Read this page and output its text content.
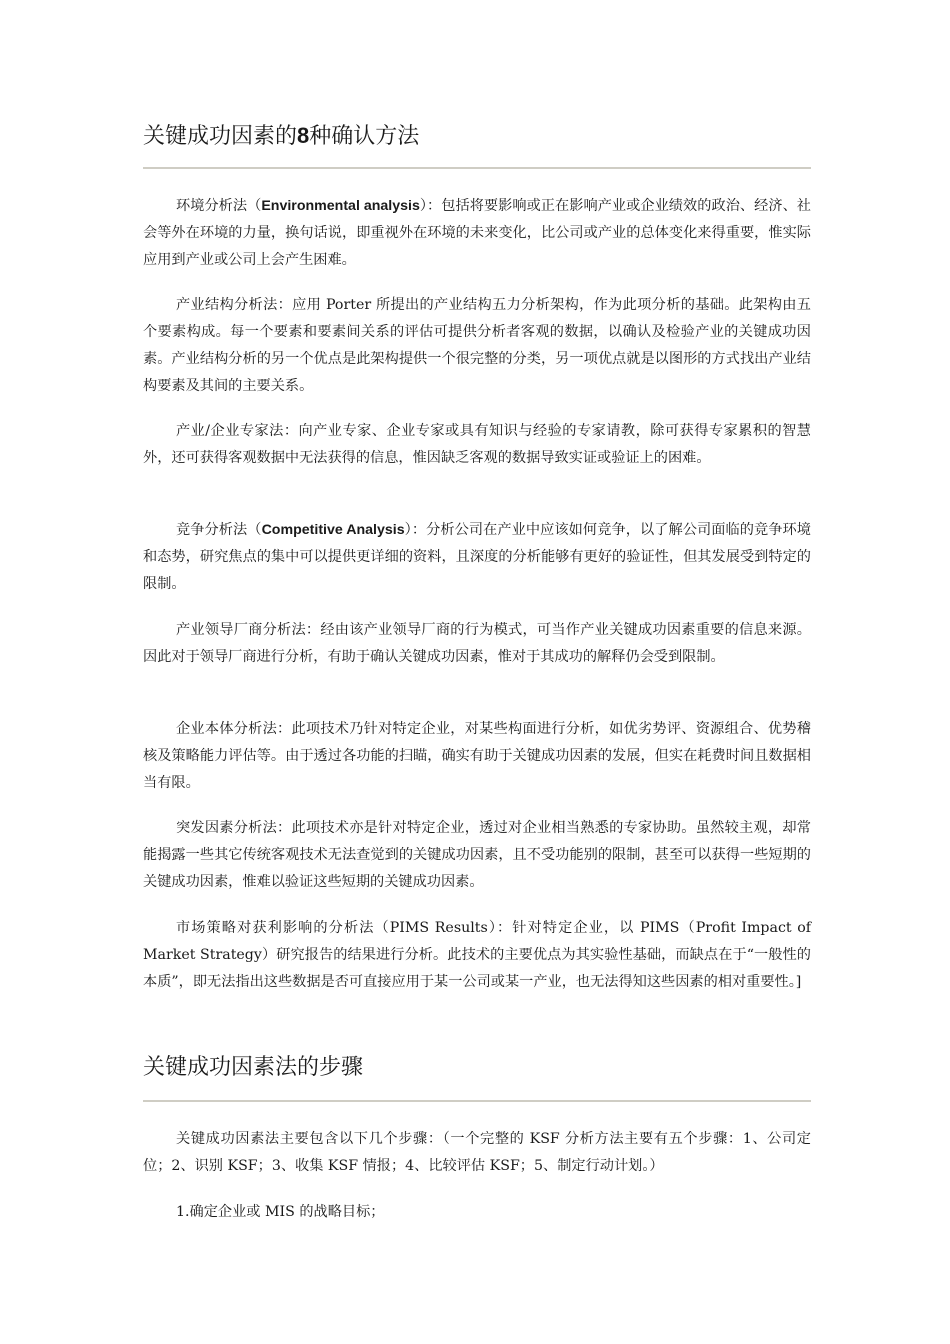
关键成功因素的8种确认方法

环境分析法（Environmental analysis）：包括将要影响或正在影响产业或企业绩效的政治、经济、社会等外在环境的力量，换句话说，即重视外在环境的未来变化，比公司或产业的总体变化来得重要，惟实际应用到产业或公司上会产生困难。

产业结构分析法：应用 Porter 所提出的产业结构五力分析架构，作为此项分析的基础。此架构由五个要素构成。每一个要素和要素间关系的评估可提供分析者客观的数据，以确认及检验产业的关键成功因素。产业结构分析的另一个优点是此架构提供一个很完整的分类，另一项优点就是以图形的方式找出产业结构要素及其间的主要关系。

产业/企业专家法：向产业专家、企业专家或具有知识与经验的专家请教，除可获得专家累积的智慧外，还可获得客观数据中无法获得的信息，惟因缺乏客观的数据导致实证或验证上的困难。

竞争分析法（Competitive Analysis）：分析公司在产业中应该如何竞争，以了解公司面临的竞争环境和态势，研究焦点的集中可以提供更详细的资料，且深度的分析能够有更好的验证性，但其发展受到特定的限制。

产业领导厂商分析法：经由该产业领导厂商的行为模式，可当作产业关键成功因素重要的信息来源。因此对于领导厂商进行分析，有助于确认关键成功因素，惟对于其成功的解释仍会受到限制。

企业本体分析法：此项技术乃针对特定企业，对某些构面进行分析，如优劣势评、资源组合、优势稽核及策略能力评估等。由于透过各功能的扫瞄，确实有助于关键成功因素的发展，但实在耗费时间且数据相当有限。

突发因素分析法：此项技术亦是针对特定企业，透过对企业相当熟悉的专家协助。虽然较主观，却常能揭露一些其它传统客观技术无法查觉到的关键成功因素，且不受功能别的限制，甚至可以获得一些短期的关键成功因素，惟难以验证这些短期的关键成功因素。

市场策略对获利影响的分析法（PIMS Results）：针对特定企业，以 PIMS（Profit Impact of Market Strategy）研究报告的结果进行分析。此技术的主要优点为其实验性基础，而缺点在于“一般性的本质”，即无法指出这些数据是否可直接应用于某一公司或某一产业，也无法得知这些因素的相对重要性。]

关键成功因素法的步骤

关键成功因素法主要包含以下几个步骤：（一个完整的 KSF 分析方法主要有五个步骤：1、公司定位；2、识别 KSF；3、收集 KSF 情报；4、比较评估 KSF；5、制定行动计划。）

1.确定企业或 MIS 的战略目标；
